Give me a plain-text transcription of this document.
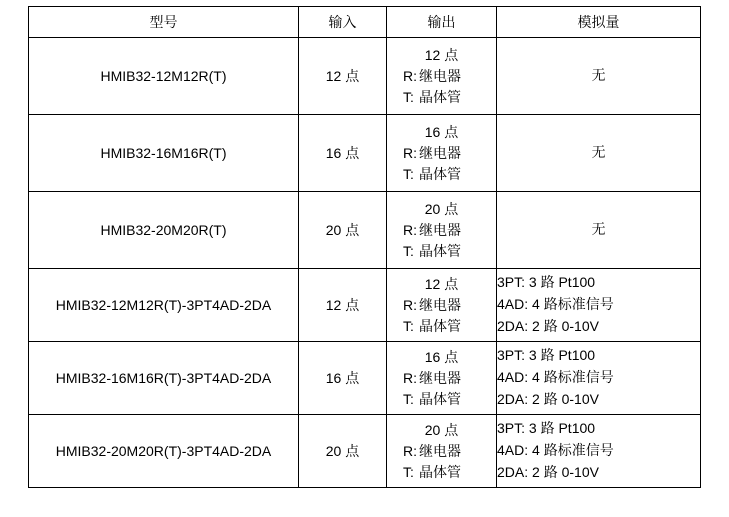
型号	输入	输出	模拟量
HMIB32-12M12R(T)	12 点	12 点
R: 继电器
T: 晶体管	无
HMIB32-16M16R(T)	16 点	16 点
R: 继电器
T: 晶体管	无
HMIB32-20M20R(T)	20 点	20 点
R: 继电器
T: 晶体管	无
HMIB32-12M12R(T)-3PT4AD-2DA	12 点	12 点
R: 继电器
T: 晶体管	3PT: 3 路 Pt100
4AD: 4 路标准信号
2DA: 2 路 0-10V

HMIB32-16M16R(T)-3PT4AD-2DA	16 点	16 点
R: 继电器
T: 晶体管	3PT: 3 路 Pt100
4AD: 4 路标准信号
2DA: 2 路 0-10V

HMIB32-20M20R(T)-3PT4AD-2DA	20 点	20 点
R: 继电器
T: 晶体管	3PT: 3 路 Pt100
4AD: 4 路标准信号
2DA: 2 路 0-10V
